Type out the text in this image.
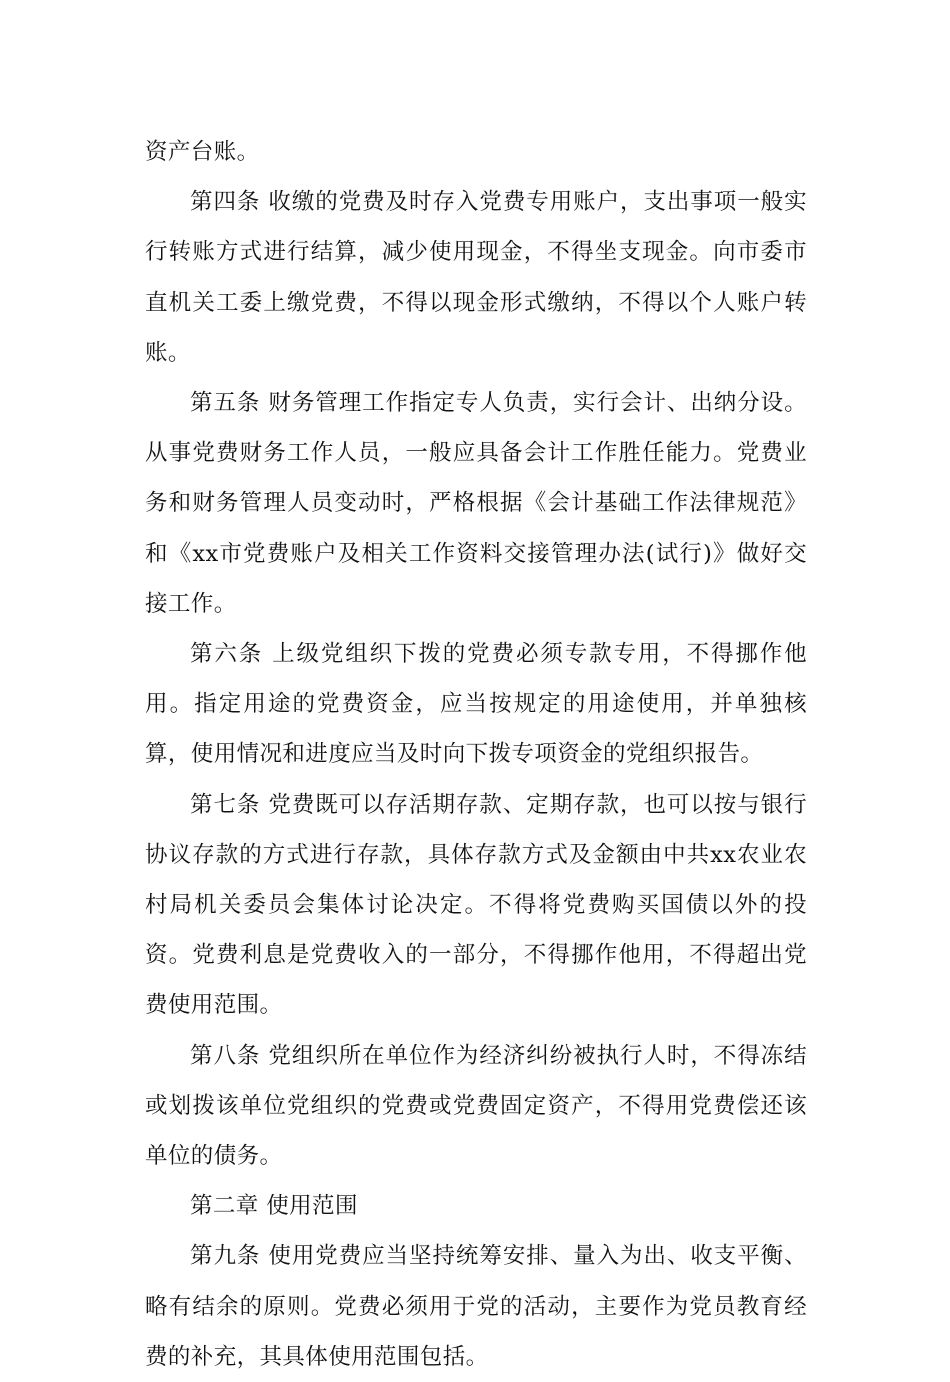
资产台账。

第四条 收缴的党费及时存入党费专用账户，支出事项一般实行转账方式进行结算，减少使用现金，不得坐支现金。向市委市直机关工委上缴党费，不得以现金形式缴纳，不得以个人账户转账。

第五条 财务管理工作指定专人负责，实行会计、出纳分设。从事党费财务工作人员，一般应具备会计工作胜任能力。党费业务和财务管理人员变动时，严格根据《会计基础工作法律规范》和《xx市党费账户及相关工作资料交接管理办法(试行)》做好交接工作。

第六条 上级党组织下拨的党费必须专款专用，不得挪作他用。指定用途的党费资金，应当按规定的用途使用，并单独核算，使用情况和进度应当及时向下拨专项资金的党组织报告。

第七条 党费既可以存活期存款、定期存款，也可以按与银行协议存款的方式进行存款，具体存款方式及金额由中共xx农业农村局机关委员会集体讨论决定。不得将党费购买国债以外的投资。党费利息是党费收入的一部分，不得挪作他用，不得超出党费使用范围。

第八条 党组织所在单位作为经济纠纷被执行人时，不得冻结或划拨该单位党组织的党费或党费固定资产，不得用党费偿还该单位的债务。

第二章 使用范围

第九条 使用党费应当坚持统筹安排、量入为出、收支平衡、略有结余的原则。党费必须用于党的活动，主要作为党员教育经费的补充，其具体使用范围包括。
